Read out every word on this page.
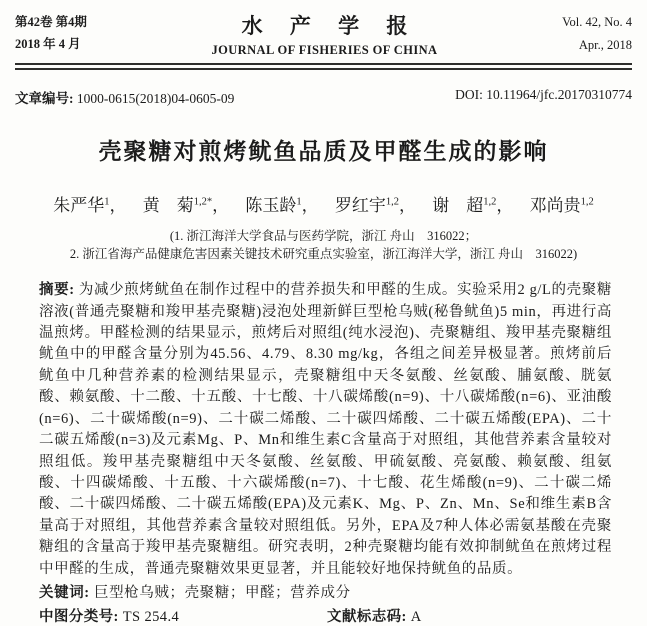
第42卷 第4期
2018 年 4 月
水 产 学 报
JOURNAL OF FISHERIES OF CHINA
Vol. 42, No. 4
Apr., 2018
文章编号: 1000-0615(2018)04-0605-09	DOI: 10.11964/jfc.20170310774
壳聚糖对煎烤鱿鱼品质及甲醛生成的影响
朱严华$^1$， 黄　菊$^{1,2*}$， 陈玉龄$^1$， 罗红宇$^{1,2}$， 谢　超$^{1,2}$， 邓尚贵$^{1,2}$
(1. 浙江海洋大学食品与医药学院，浙江 舟山　316022；
2. 浙江省海产品健康危害因素关键技术研究重点实验室，浙江海洋大学，浙江 舟山　316022)
摘要: 为减少煎烤鱿鱼在制作过程中的营养损失和甲醛的生成。实验采用2 g/L的壳聚糖溶液(普通壳聚糖和羧甲基壳聚糖)浸泡处理新鲜巨型枪乌贼(秘鲁鱿鱼)5 min，再进行高温煎烤。甲醛检测的结果显示，煎烤后对照组(纯水浸泡)、壳聚糖组、羧甲基壳聚糖组鱿鱼中的甲醛含量分别为45.56、4.79、8.30 mg/kg，各组之间差异极显著。煎烤前后鱿鱼中几种营养素的检测结果显示，壳聚糖组中天冬氨酸、丝氨酸、脯氨酸、胱氨酸、赖氨酸、十二酸、十五酸、十七酸、十八碳烯酸(n=9)、十八碳烯酸(n=6)、亚油酸(n=6)、二十碳烯酸(n=9)、二十碳二烯酸、二十碳四烯酸、二十碳五烯酸(EPA)、二十二碳五烯酸(n=3)及元素Mg、P、Mn和维生素C含量高于对照组，其他营养素含量较对照组低。羧甲基壳聚糖组中天冬氨酸、丝氨酸、甲硫氨酸、亮氨酸、赖氨酸、组氨酸、十四碳烯酸、十五酸、十六碳烯酸(n=7)、十七酸、花生烯酸(n=9)、二十碳二烯酸、二十碳四烯酸、二十碳五烯酸(EPA)及元素K、Mg、P、Zn、Mn、Se和维生素B含量高于对照组，其他营养素含量较对照组低。另外，EPA及7种人体必需氨基酸在壳聚糖组的含量高于羧甲基壳聚糖组。研究表明，2种壳聚糖均能有效抑制鱿鱼在煎烤过程中甲醛的生成，普通壳聚糖效果更显著，并且能较好地保持鱿鱼的品质。
关键词: 巨型枪乌贼；壳聚糖；甲醛；营养成分
中图分类号: TS 254.4	文献标志码: A
